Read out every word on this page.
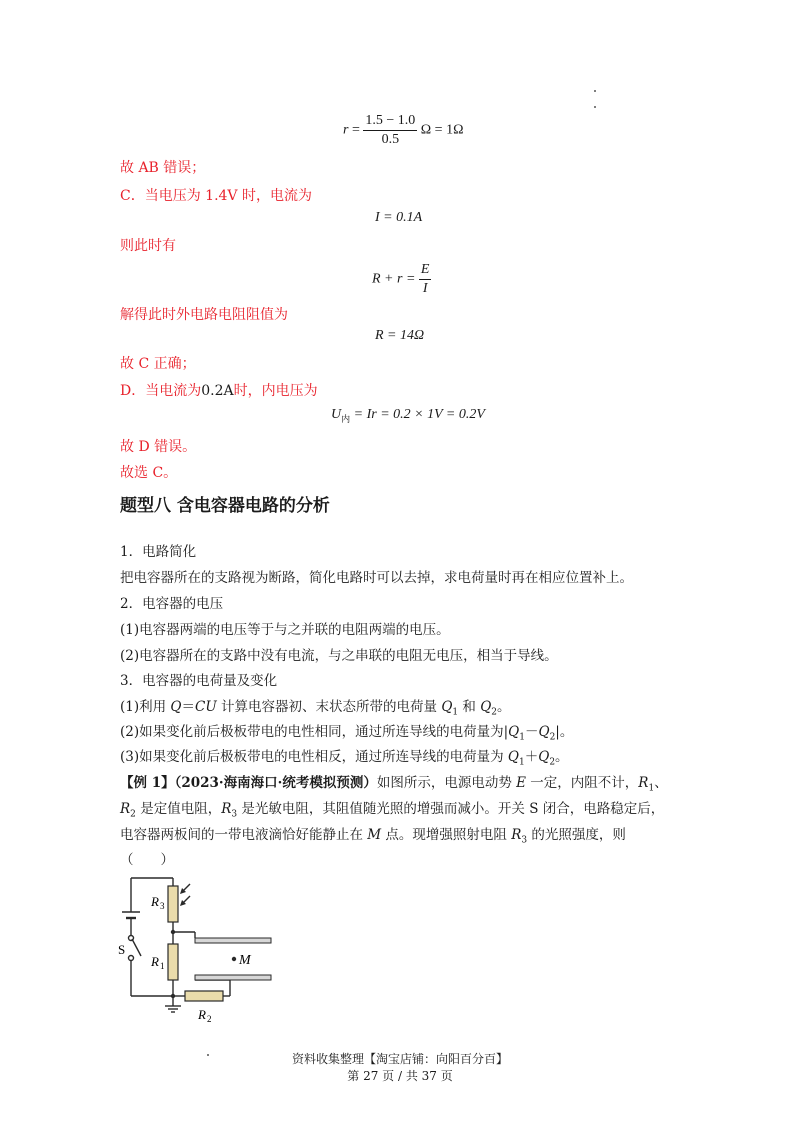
$r = \frac{1.5 - 1.0}{0.5}$ Ω = 1Ω
故 AB 错误；
C．当电压为 1.4V 时，电流为
I = 0.1A
则此时有
$R + r = \frac{E}{I}$
解得此时外电路电阻阻值为
R = 14Ω
故 C 正确；
D．当电流为0.2A时，内电压为
$U_内 = Ir = 0.2 \times 1V = 0.2V$
故 D 错误。
故选 C。
题型八 含电容器电路的分析
1．电路简化
把电容器所在的支路视为断路，简化电路时可以去掉，求电荷量时再在相应位置补上。
2．电容器的电压
(1)电容器两端的电压等于与之并联的电阻两端的电压。
(2)电容器所在的支路中没有电流，与之串联的电阻无电压，相当于导线。
3．电容器的电荷量及变化
(1)利用 Q＝CU 计算电容器初、末状态所带的电荷量 $Q_1$ 和 $Q_2$。
(2)如果变化前后极板带电的电性相同，通过所连导线的电荷量为$|Q_1-Q_2|$。
(3)如果变化前后极板带电的电性相反，通过所连导线的电荷量为 $Q_1+Q_2$。
【例 1】（2023·海南海口·统考模拟预测）如图所示，电源电动势 E 一定，内阻不计，$R_1$、
$R_2$ 是定值电阻，$R_3$ 是光敏电阻，其阻值随光照的增强而减小。开关 S 闭合，电路稳定后，
电容器两板间的一带电液滴恰好能静止在 M 点。现增强照射电阻 $R_3$ 的光照强度，则
（　　）
M
R 3
R 1
R 2
S
资料收集整理【淘宝店铺：向阳百分百】
第 27 页 / 共 37 页
